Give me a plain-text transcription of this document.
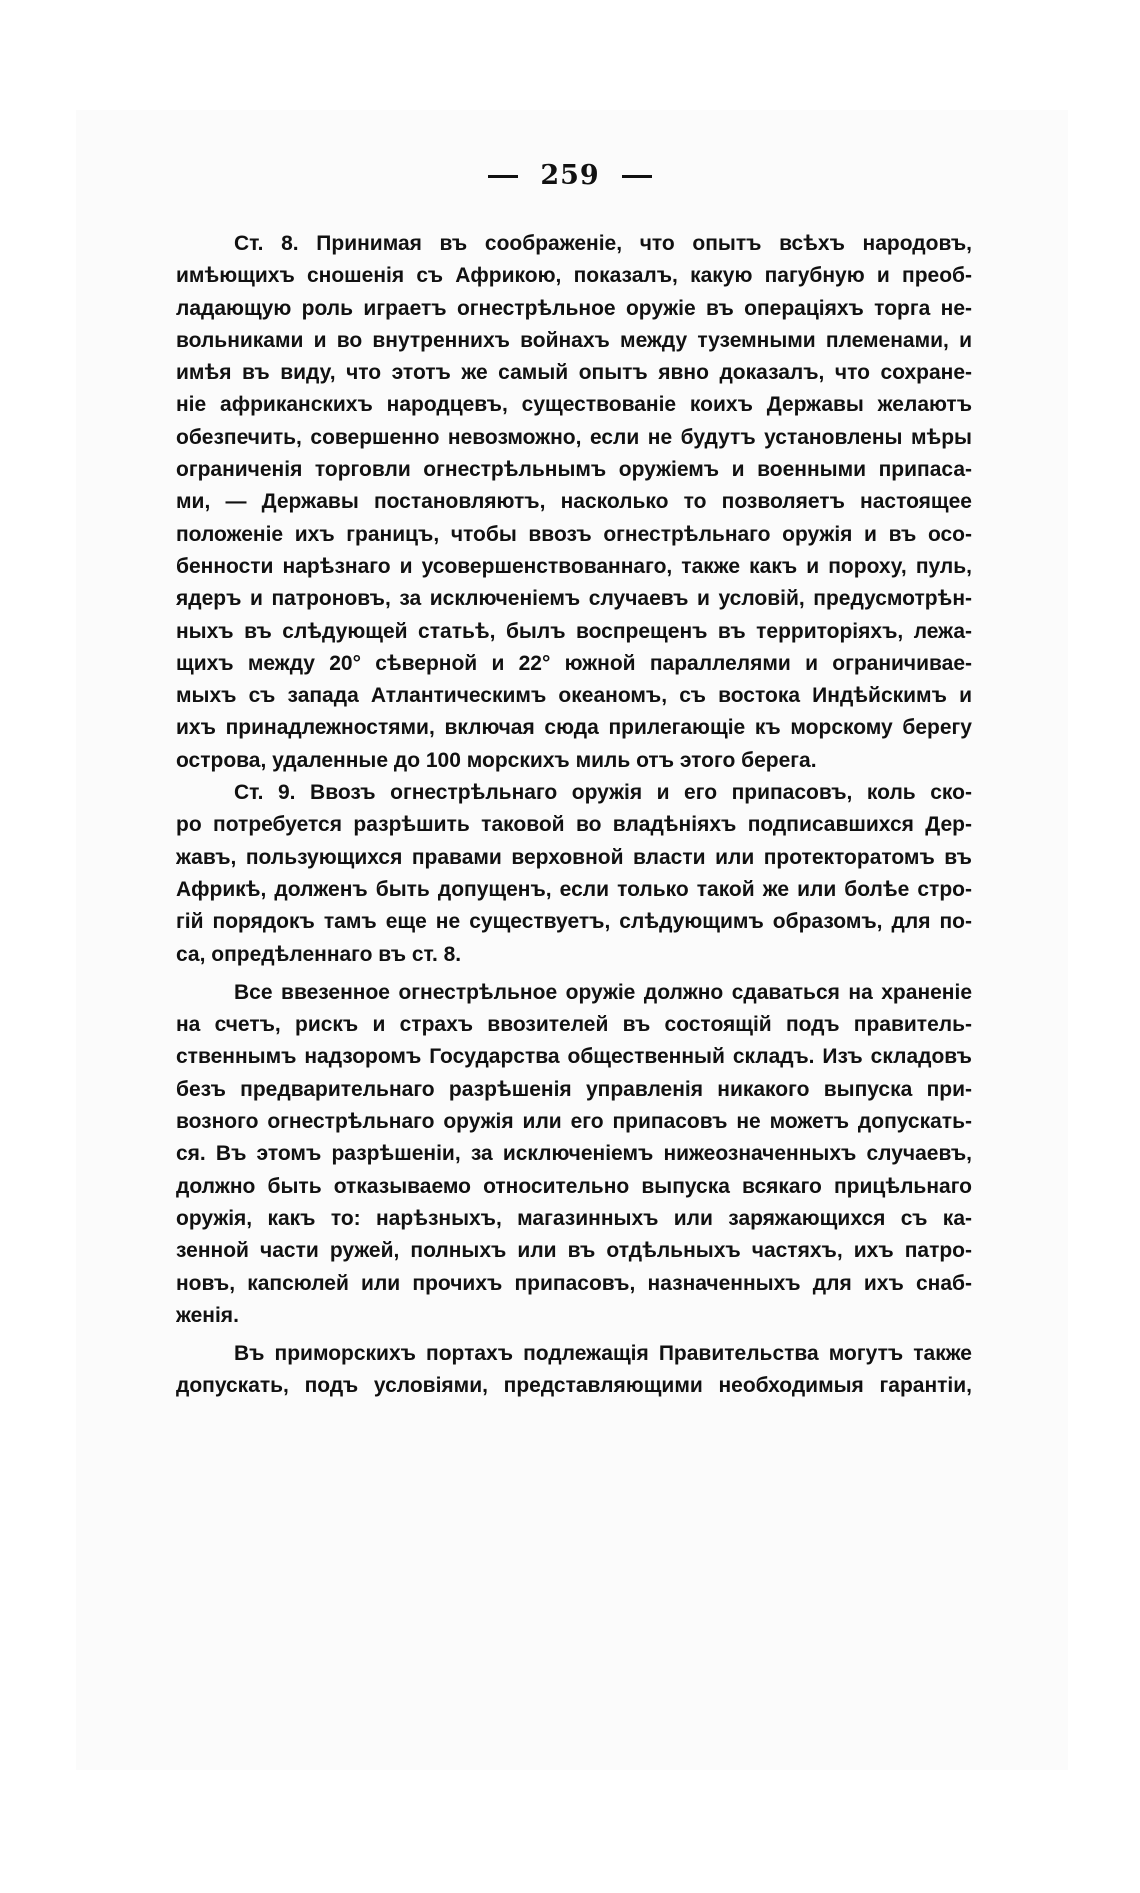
259
Ст. 8. Принимая въ соображеніе, что опытъ всѣхъ народовъ,
имѣющихъ сношенія съ Африкою, показалъ, какую пагубную и преоб-
ладающую роль играетъ огнестрѣльное оружіе въ операціяхъ торга не-
вольниками и во внутреннихъ войнахъ между туземными племенами, и
имѣя въ виду, что этотъ же самый опытъ явно доказалъ, что сохране-
ніе африканскихъ народцевъ, существованіе коихъ Державы желаютъ
обезпечить, совершенно невозможно, если не будутъ установлены мѣры
ограниченія торговли огнестрѣльнымъ оружіемъ и военными припаса-
ми, — Державы постановляютъ, насколько то позволяетъ настоящее
положеніе ихъ границъ, чтобы ввозъ огнестрѣльнаго оружія и въ осо-
бенности нарѣзнаго и усовершенствованнаго, также какъ и пороху, пуль,
ядеръ и патроновъ, за исключеніемъ случаевъ и условій, предусмотрѣн-
ныхъ въ слѣдующей статьѣ, былъ воспрещенъ въ территоріяхъ, лежа-
щихъ между 20° сѣверной и 22° южной параллелями и ограничивае-
мыхъ съ запада Атлантическимъ океаномъ, съ востока Индѣйскимъ и
ихъ принадлежностями, включая сюда прилегающіе къ морскому берегу
острова, удаленные до 100 морскихъ миль отъ этого берега.
Ст. 9. Ввозъ огнестрѣльнаго оружія и его припасовъ, коль ско-
ро потребуется разрѣшить таковой во владѣніяхъ подписавшихся Дер-
жавъ, пользующихся правами верховной власти или протекторатомъ въ
Африкѣ, долженъ быть допущенъ, если только такой же или болѣе стро-
гій порядокъ тамъ еще не существуетъ, слѣдующимъ образомъ, для по-
са, опредѣленнаго въ ст. 8.
Все ввезенное огнестрѣльное оружіе должно сдаваться на храненіе
на счетъ, рискъ и страхъ ввозителей въ состоящій подъ правитель-
ственнымъ надзоромъ Государства общественный складъ. Изъ складовъ
безъ предварительнаго разрѣшенія управленія никакого выпуска при-
возного огнестрѣльнаго оружія или его припасовъ не можетъ допускать-
ся. Въ этомъ разрѣшеніи, за исключеніемъ нижеозначенныхъ случаевъ,
должно быть отказываемо относительно выпуска всякаго прицѣльнаго
оружія, какъ то: нарѣзныхъ, магазинныхъ или заряжающихся съ ка-
зенной части ружей, полныхъ или въ отдѣльныхъ частяхъ, ихъ патро-
новъ, капсюлей или прочихъ припасовъ, назначенныхъ для ихъ снаб-
женія.
Въ приморскихъ портахъ подлежащія Правительства могутъ также
допускать, подъ условіями, представляющими необходимыя гарантіи,
